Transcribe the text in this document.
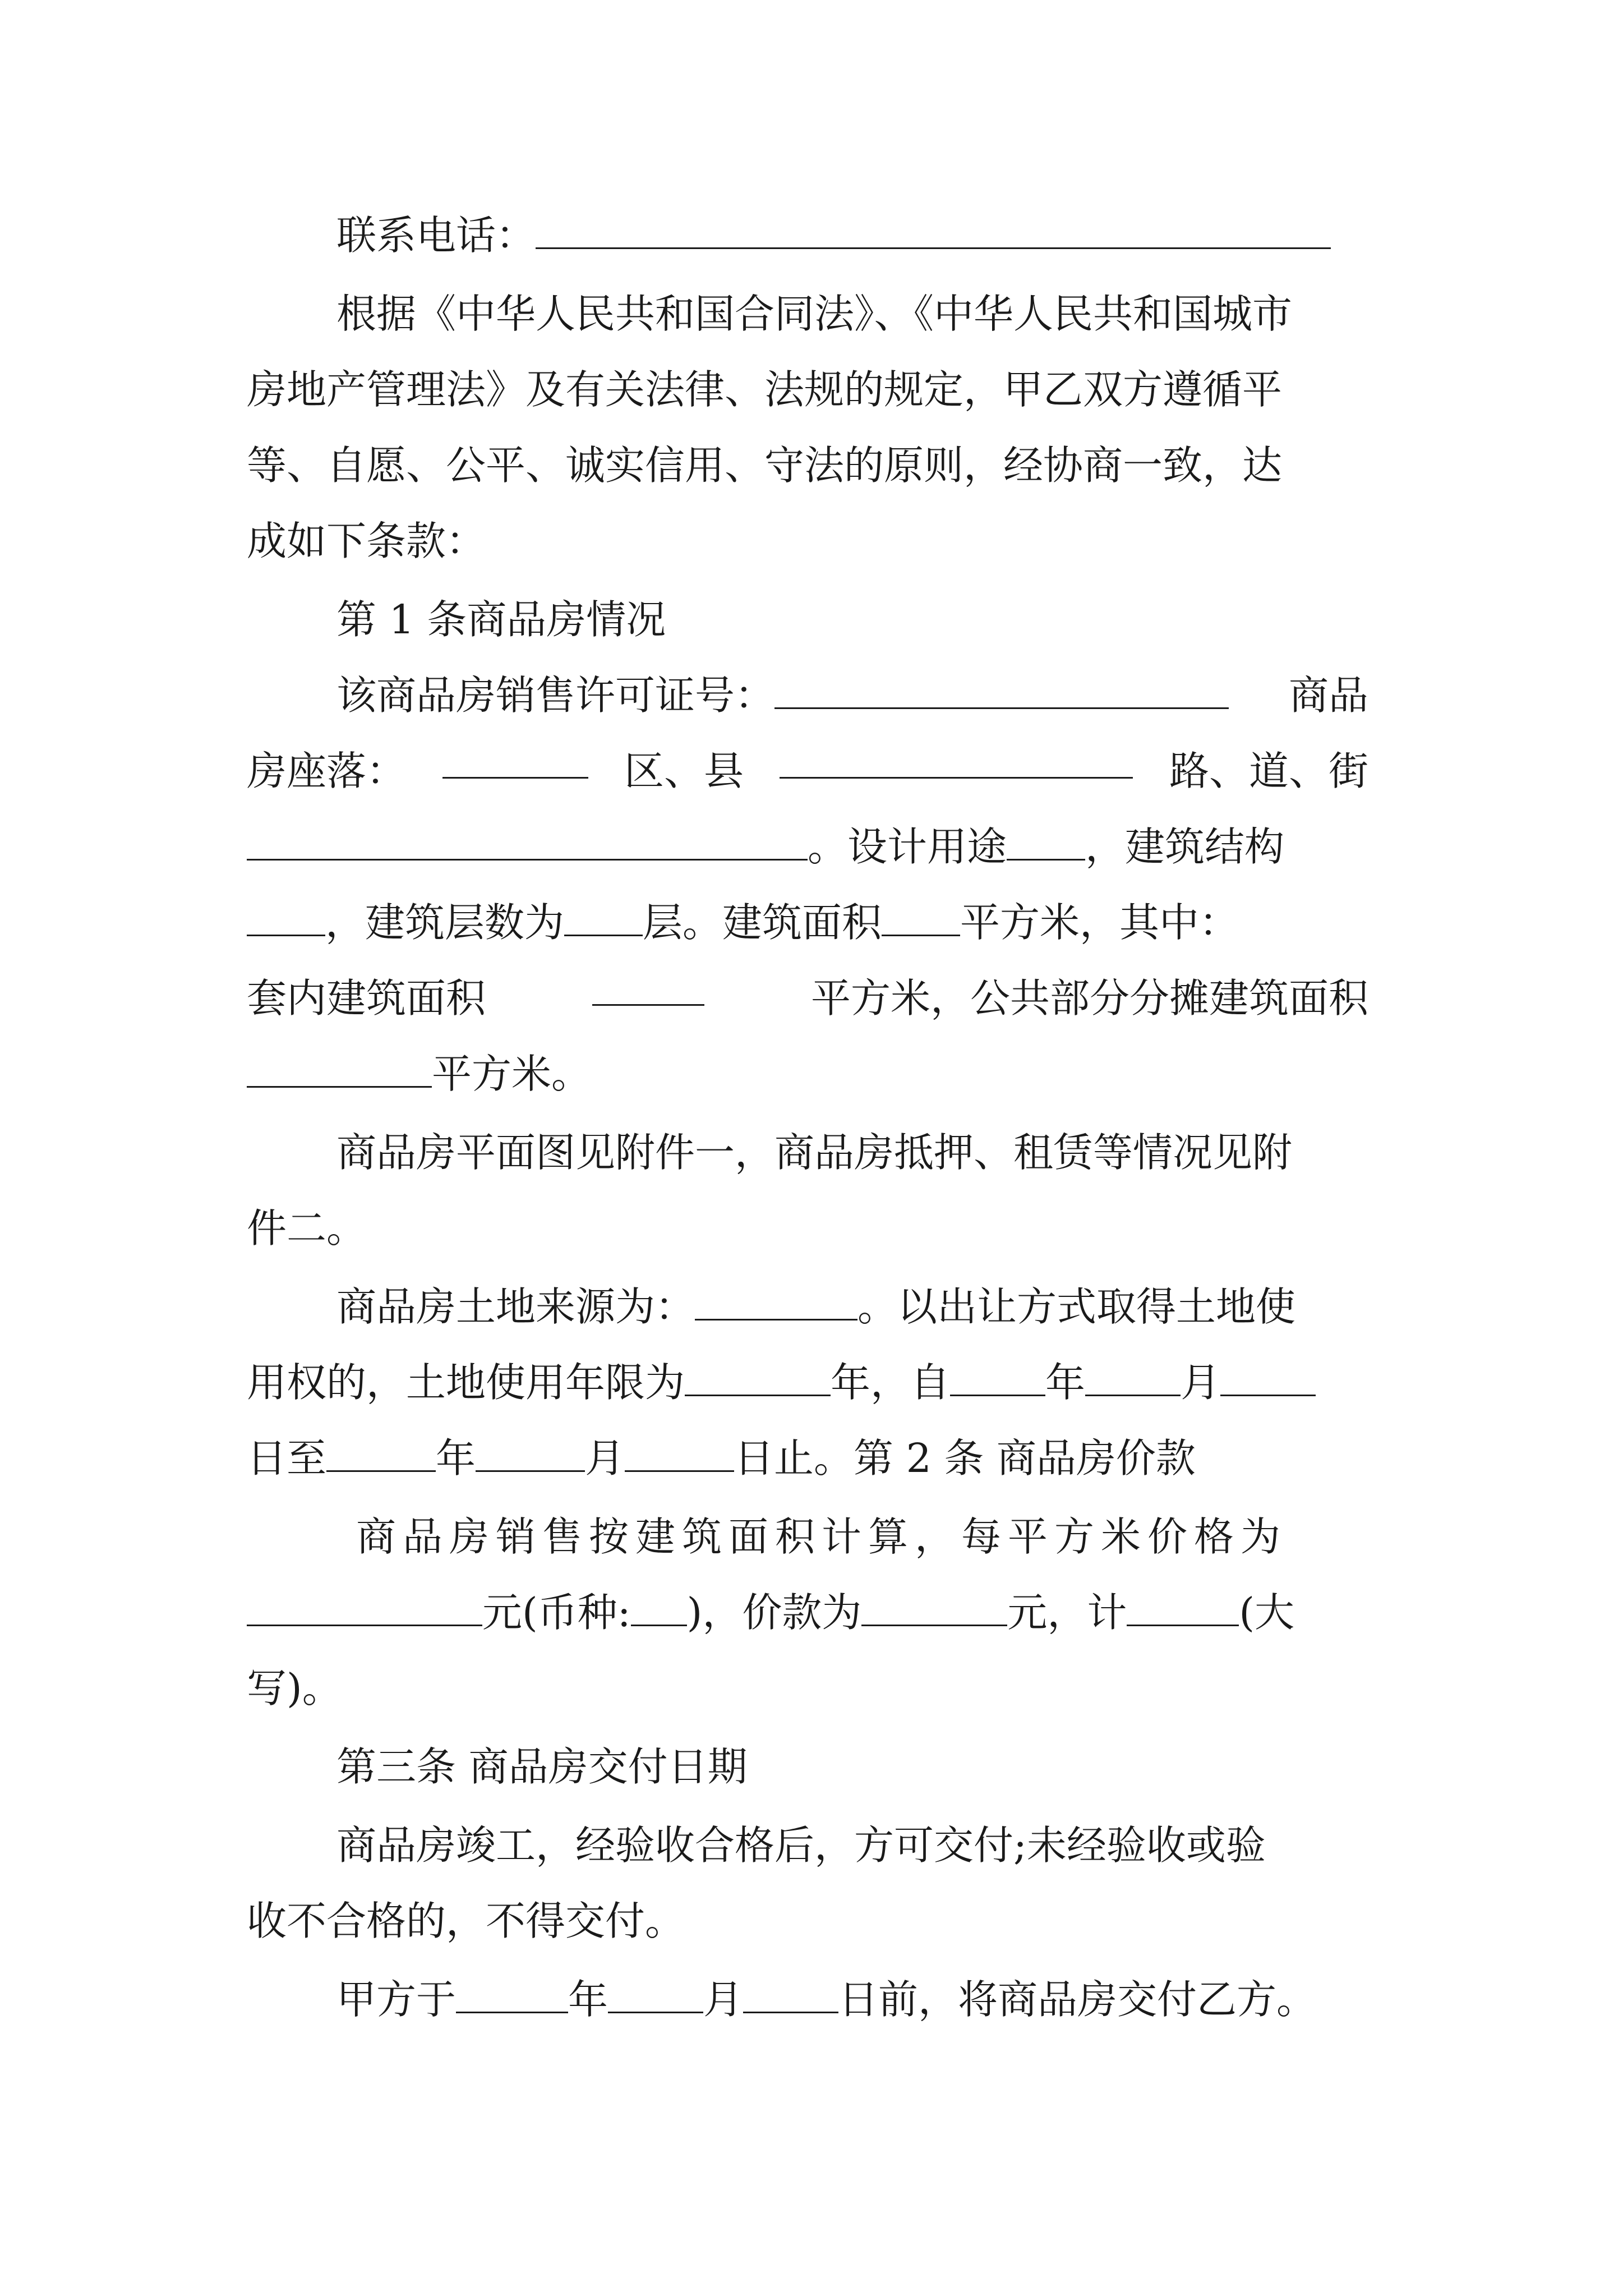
联系电话：
根据《中华人民共和国合同法》、《中华人民共和国城市
房地产管理法》及有关法律、法规的规定，甲乙双方遵循平
等、自愿、公平、诚实信用、守法的原则，经协商一致，达
成如下条款：
第 1 条商品房情况
该商品房销售许可证号：	商品
房座落：	区、县	路、道、街
。设计用途 ，建筑结构
，建筑层数为 层。建筑面积 平方米，其中：
套内建筑面积	平方米，公共部分分摊建筑面积
平方米。
商品房平面图见附件一，商品房抵押、租赁等情况见附
件二。
商品房土地来源为：	。以出让方式取得土地使
用权的，土地使用年限为	年，自 年 月
日至	年	月	日止。第 2 条 商品房价款
商品房销售按建筑面积计算，每平方米价格为
元(币种: )，价款为	元，计	(大
写)。
第三条 商品房交付日期
商品房竣工，经验收合格后，方可交付;未经验收或验
收不合格的，不得交付。
甲方于	年 月 日前，将商品房交付乙方。
